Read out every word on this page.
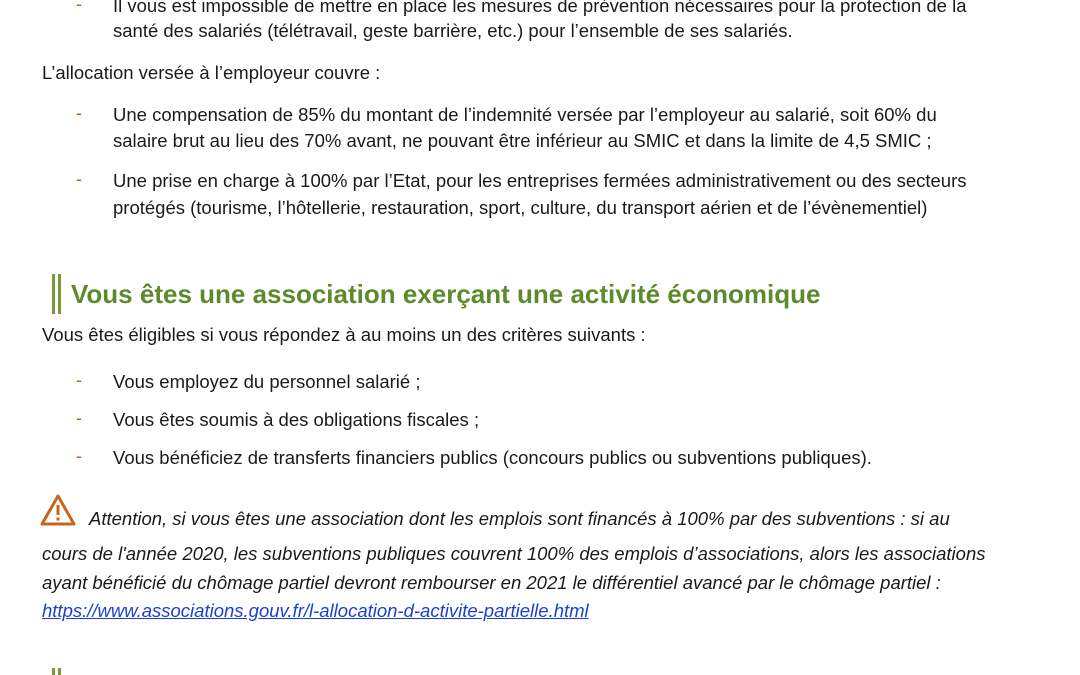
- Il vous est impossible de mettre en place les mesures de prévention nécessaires pour la protection de la
santé des salariés (télétravail, geste barrière, etc.) pour l’ensemble de ses salariés.
L’allocation versée à l’employeur couvre :
- Une compensation de 85% du montant de l’indemnité versée par l’employeur au salarié, soit 60% du
salaire brut au lieu des 70% avant, ne pouvant être inférieur au SMIC et dans la limite de 4,5 SMIC ;
- Une prise en charge à 100% par l’Etat, pour les entreprises fermées administrativement ou des secteurs
protégés (tourisme, l’hôtellerie, restauration, sport, culture, du transport aérien et de l’évènementiel)
Vous êtes une association exerçant une activité économique
Vous êtes éligibles si vous répondez à au moins un des critères suivants :
- Vous employez du personnel salarié ;
- Vous êtes soumis à des obligations fiscales ;
- Vous bénéficiez de transferts financiers publics (concours publics ou subventions publiques).
Attention, si vous êtes une association dont les emplois sont financés à 100% par des subventions : si au
cours de l'année 2020, les subventions publiques couvrent 100% des emplois d’associations, alors les associations
ayant bénéficié du chômage partiel devront rembourser en 2021 le différentiel avancé par le chômage partiel :
https://www.associations.gouv.fr/l-allocation-d-activite-partielle.html
